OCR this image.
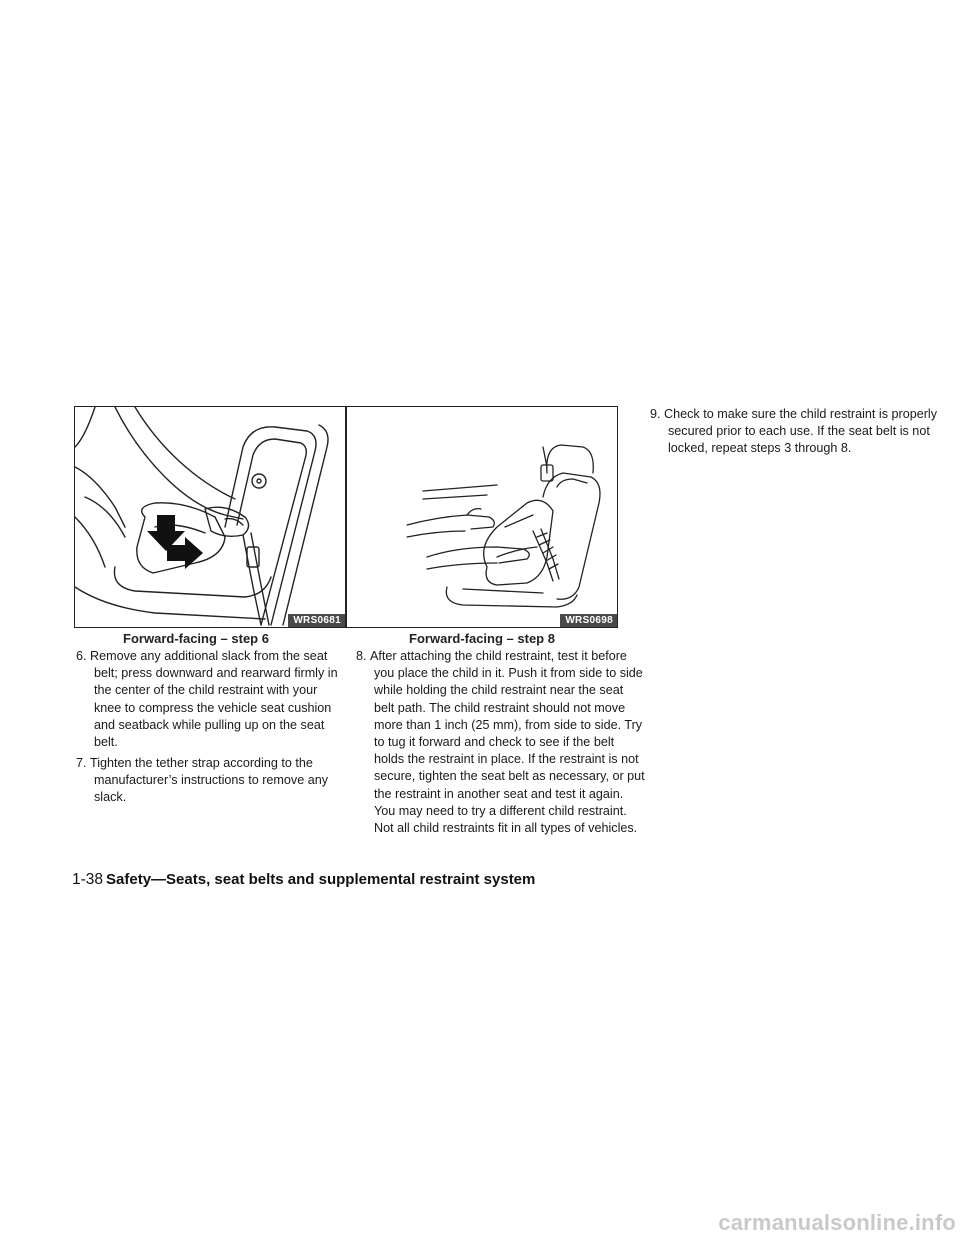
WRS0681
Forward-facing – step 6
WRS0698
Forward-facing – step 8
6. Remove any additional slack from the seat belt; press downward and rearward firmly in the center of the child restraint with your knee to compress the vehicle seat cushion and seatback while pulling up on the seat belt.
7. Tighten the tether strap according to the manufacturer’s instructions to remove any slack.
8. After attaching the child restraint, test it before you place the child in it. Push it from side to side while holding the child restraint near the seat belt path. The child restraint should not move more than 1 inch (25 mm), from side to side. Try to tug it forward and check to see if the belt holds the restraint in place. If the restraint is not secure, tighten the seat belt as necessary, or put the restraint in another seat and test it again. You may need to try a different child restraint. Not all child restraints fit in all types of vehicles.
9. Check to make sure the child restraint is properly secured prior to each use. If the seat belt is not locked, repeat steps 3 through 8.
1-38 Safety—Seats, seat belts and supplemental restraint system
carmanualsonline.info
